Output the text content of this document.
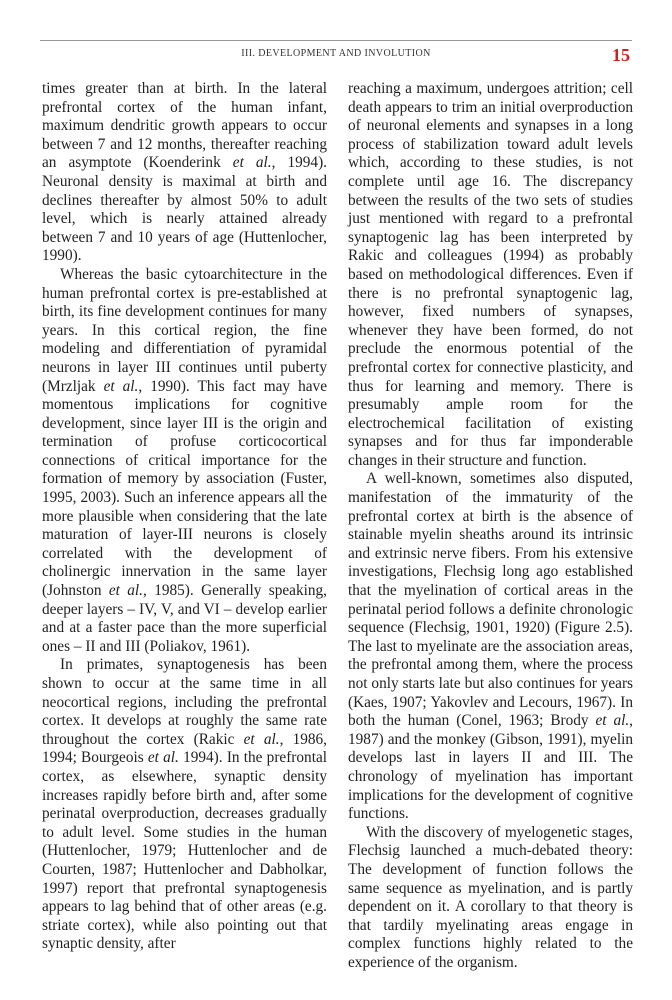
III. DEVELOPMENT AND INVOLUTION	15

times greater than at birth. In the lateral prefrontal cortex of the human infant, maximum dendritic growth appears to occur between 7 and 12 months, thereafter reaching an asymptote (Koenderink et al., 1994). Neuronal density is maximal at birth and declines thereafter by almost 50% to adult level, which is nearly attained already between 7 and 10 years of age (Huttenlocher, 1990).

Whereas the basic cytoarchitecture in the human prefrontal cortex is pre-established at birth, its fine development continues for many years. In this cortical region, the fine modeling and differentiation of pyramidal neurons in layer III continues until puberty (Mrzljak et al., 1990). This fact may have momentous implications for cognitive development, since layer III is the origin and termination of profuse corticocortical connections of critical importance for the formation of memory by association (Fuster, 1995, 2003). Such an inference appears all the more plausible when considering that the late maturation of layer-III neurons is closely correlated with the development of cholinergic innervation in the same layer (Johnston et al., 1985). Generally speaking, deeper layers – IV, V, and VI – develop earlier and at a faster pace than the more superficial ones – II and III (Poliakov, 1961).

In primates, synaptogenesis has been shown to occur at the same time in all neocortical regions, including the prefrontal cortex. It develops at roughly the same rate throughout the cortex (Rakic et al., 1986, 1994; Bourgeois et al. 1994). In the prefrontal cortex, as elsewhere, synaptic density increases rapidly before birth and, after some perinatal overproduction, decreases gradually to adult level. Some studies in the human (Huttenlocher, 1979; Huttenlocher and de Courten, 1987; Huttenlocher and Dabholkar, 1997) report that prefrontal synaptogenesis appears to lag behind that of other areas (e.g. striate cortex), while also pointing out that synaptic density, after

reaching a maximum, undergoes attrition; cell death appears to trim an initial overproduction of neuronal elements and synapses in a long process of stabilization toward adult levels which, according to these studies, is not complete until age 16. The discrepancy between the results of the two sets of studies just mentioned with regard to a prefrontal synaptogenic lag has been interpreted by Rakic and colleagues (1994) as probably based on methodological differences. Even if there is no prefrontal synaptogenic lag, however, fixed numbers of synapses, whenever they have been formed, do not preclude the enormous potential of the prefrontal cortex for connective plasticity, and thus for learning and memory. There is presumably ample room for the electrochemical facilitation of existing synapses and for thus far imponderable changes in their structure and function.

A well-known, sometimes also disputed, manifestation of the immaturity of the prefrontal cortex at birth is the absence of stainable myelin sheaths around its intrinsic and extrinsic nerve fibers. From his extensive investigations, Flechsig long ago established that the myelination of cortical areas in the perinatal period follows a definite chronologic sequence (Flechsig, 1901, 1920) (Figure 2.5). The last to myelinate are the association areas, the prefrontal among them, where the process not only starts late but also continues for years (Kaes, 1907; Yakovlev and Lecours, 1967). In both the human (Conel, 1963; Brody et al., 1987) and the monkey (Gibson, 1991), myelin develops last in layers II and III. The chronology of myelination has important implications for the development of cognitive functions.

With the discovery of myelogenetic stages, Flechsig launched a much-debated theory: The development of function follows the same sequence as myelination, and is partly dependent on it. A corollary to that theory is that tardily myelinating areas engage in complex functions highly related to the experience of the organism.
